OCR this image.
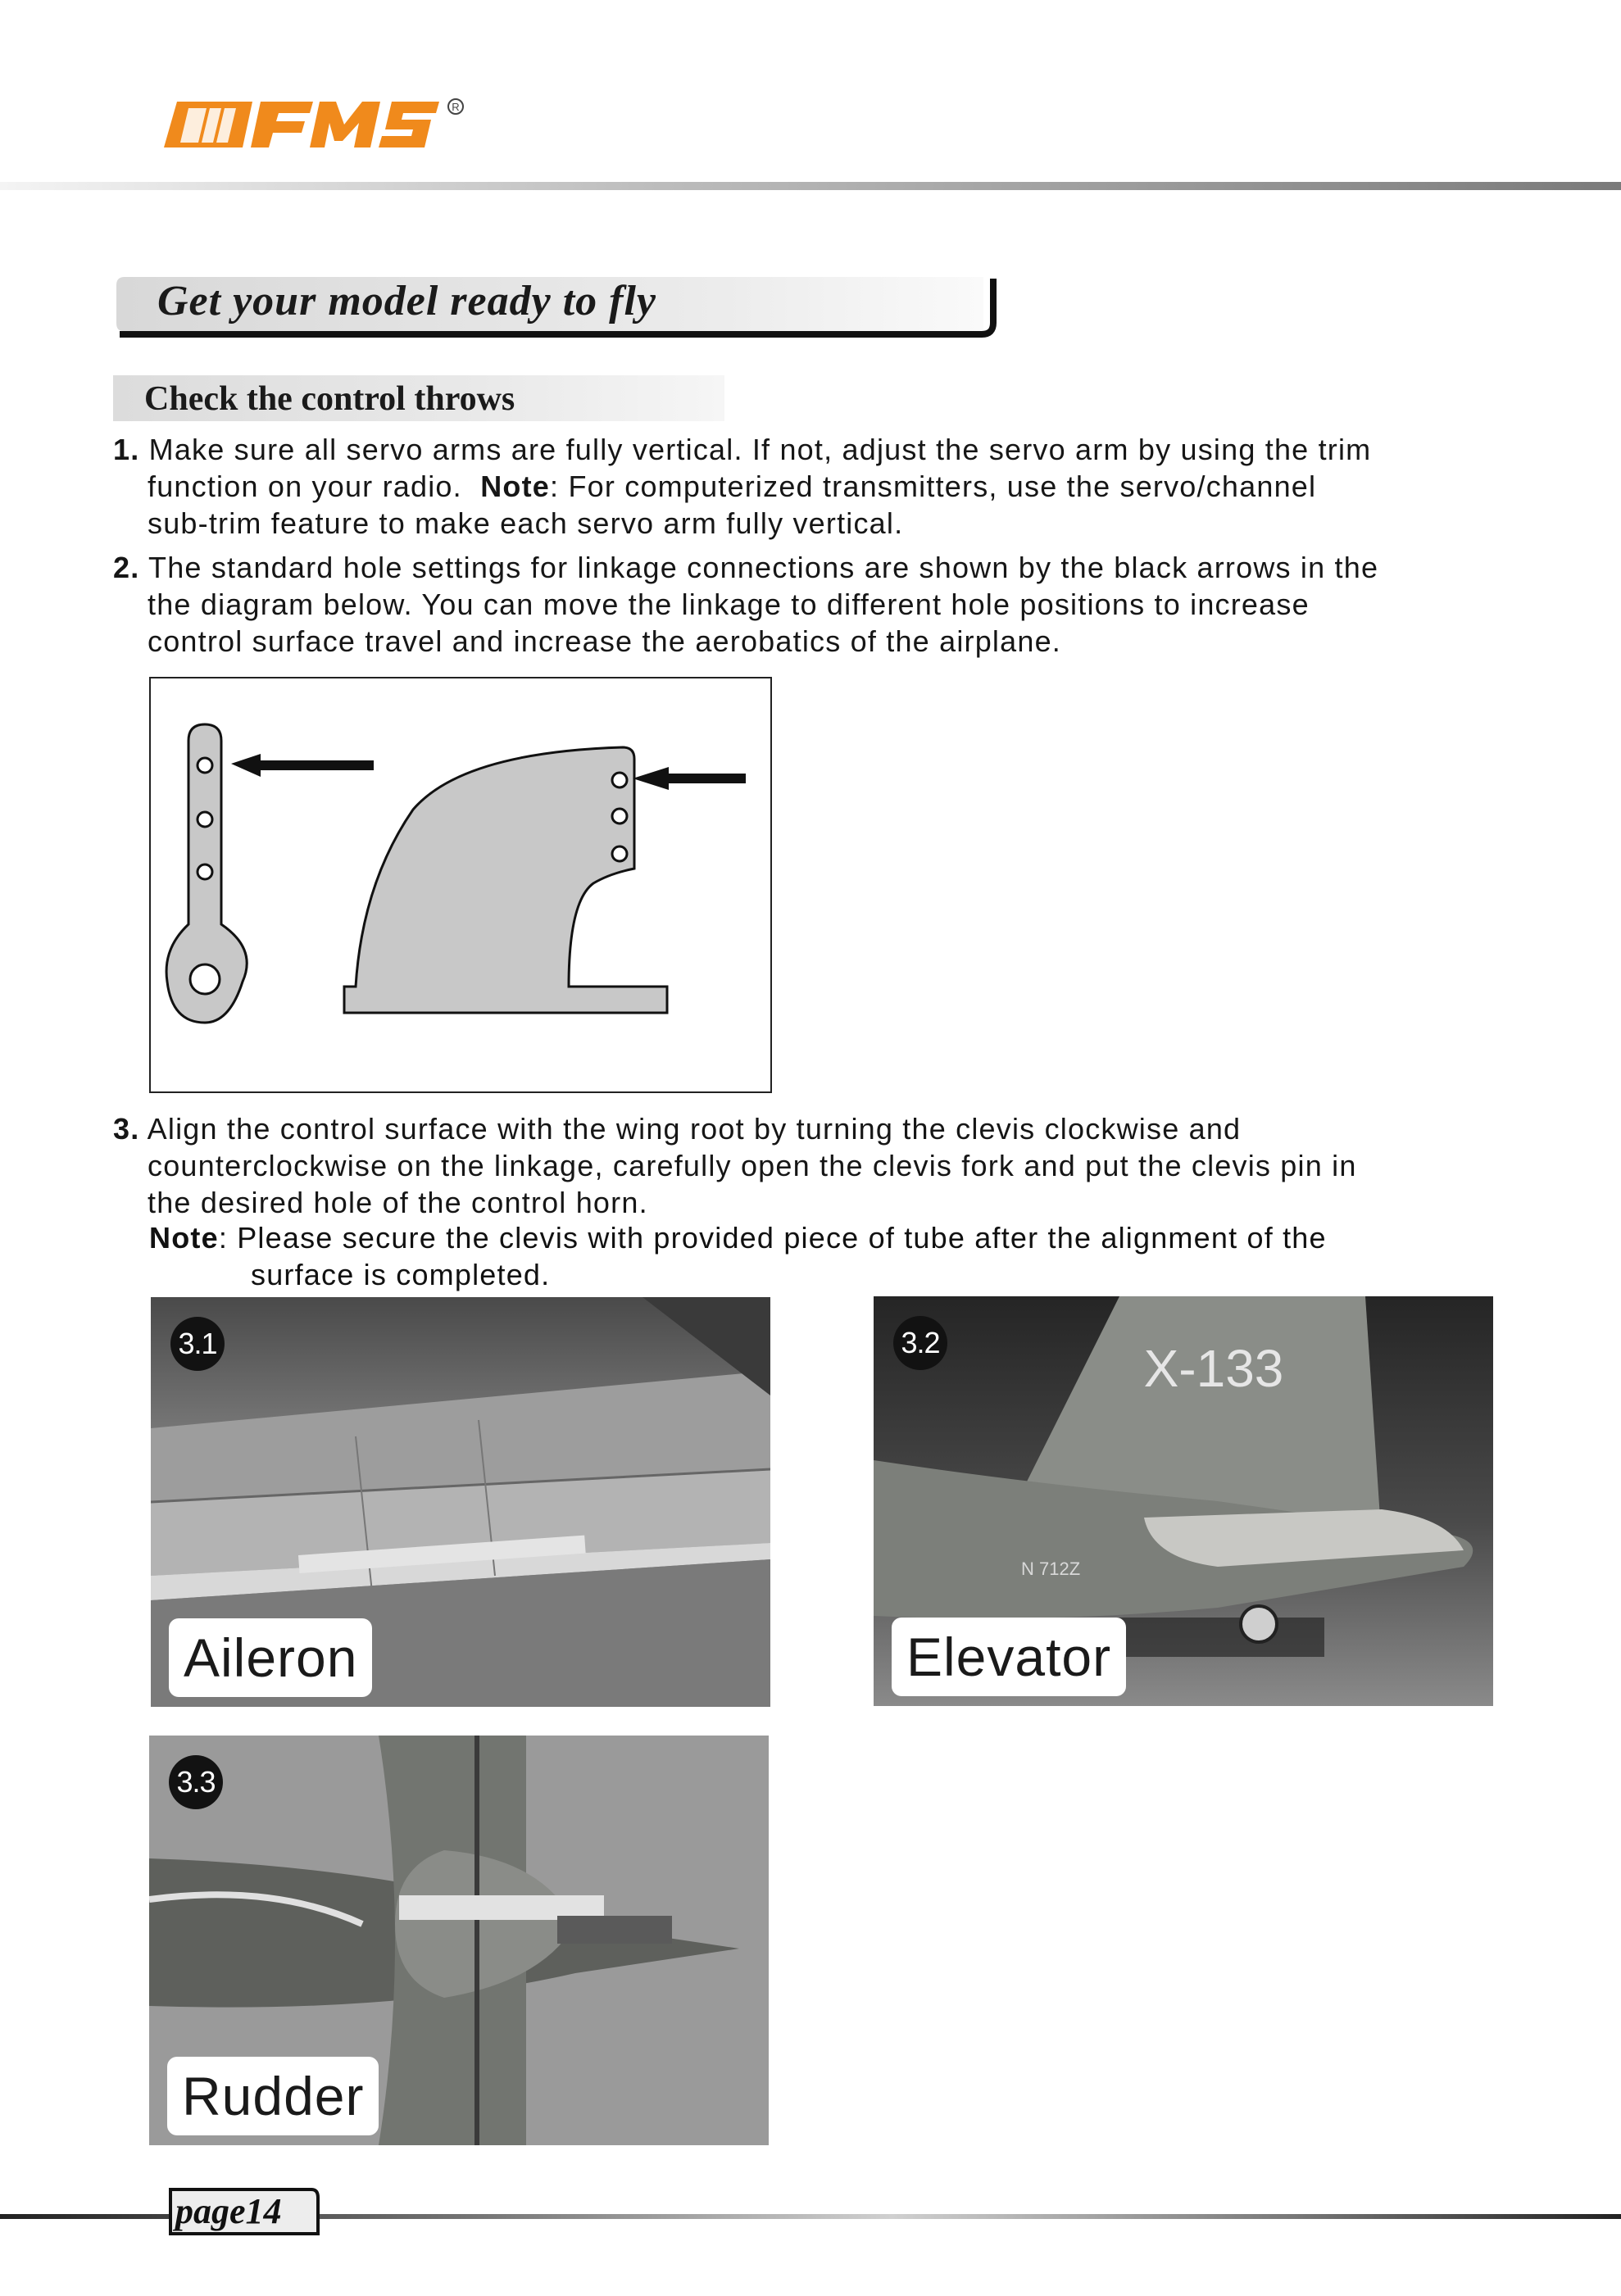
R
Get your model ready to fly
Check the control throws
1. Make sure all servo arms are fully vertical. If not, adjust the servo arm by using the trim
function on your radio.  Note: For computerized transmitters, use the servo/channel
sub-trim feature to make each servo arm fully vertical.
2. The standard hole settings for linkage connections are shown by the black arrows in the
the diagram below. You can move the linkage to different hole positions to increase
control surface travel and increase the aerobatics of the airplane.
3. Align the control surface with the wing root by turning the clevis clockwise and
counterclockwise on the linkage, carefully open the clevis fork and put the clevis pin in
the desired hole of the control horn.
Note: Please secure the clevis with provided piece of tube after the alignment of the
surface is completed.
3.1
Aileron
X-133
N 712Z
3.2
Elevator
3.3
Rudder
page14
